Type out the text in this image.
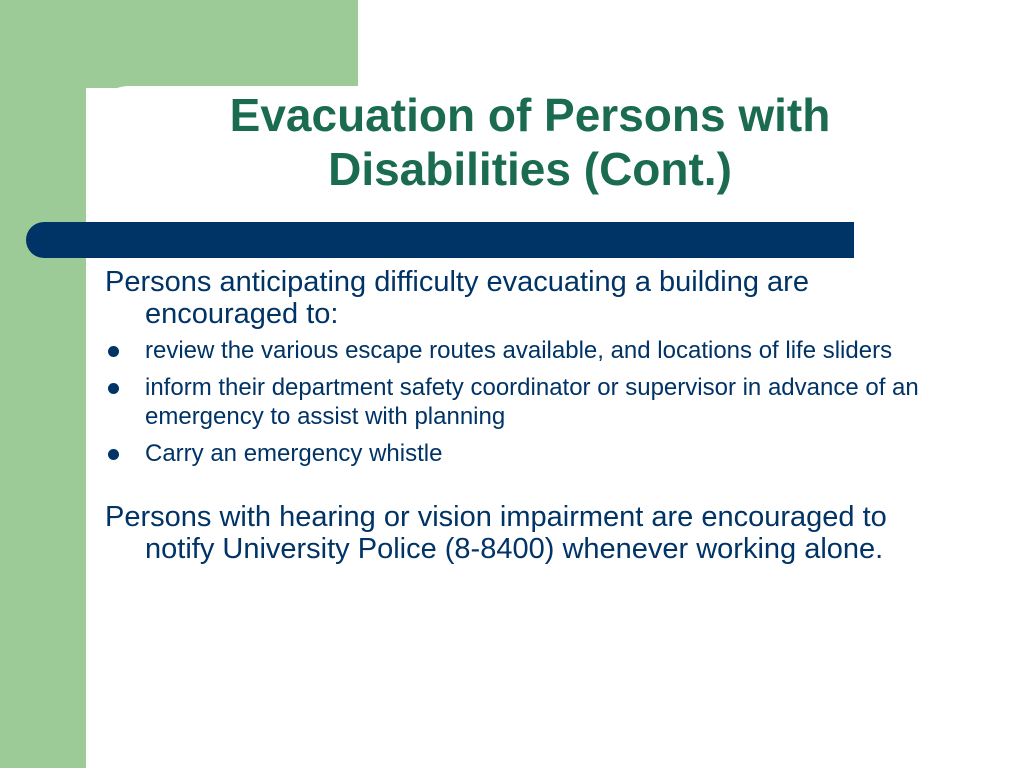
Evacuation of Persons with
Disabilities (Cont.)

Persons anticipating difficulty evacuating a building are encouraged to:

review the various escape routes available, and locations of life sliders
inform their department safety coordinator or supervisor in advance of an emergency to assist with planning
Carry an emergency whistle

Persons with hearing or vision impairment are encouraged to notify University Police (8-8400) whenever working alone.
